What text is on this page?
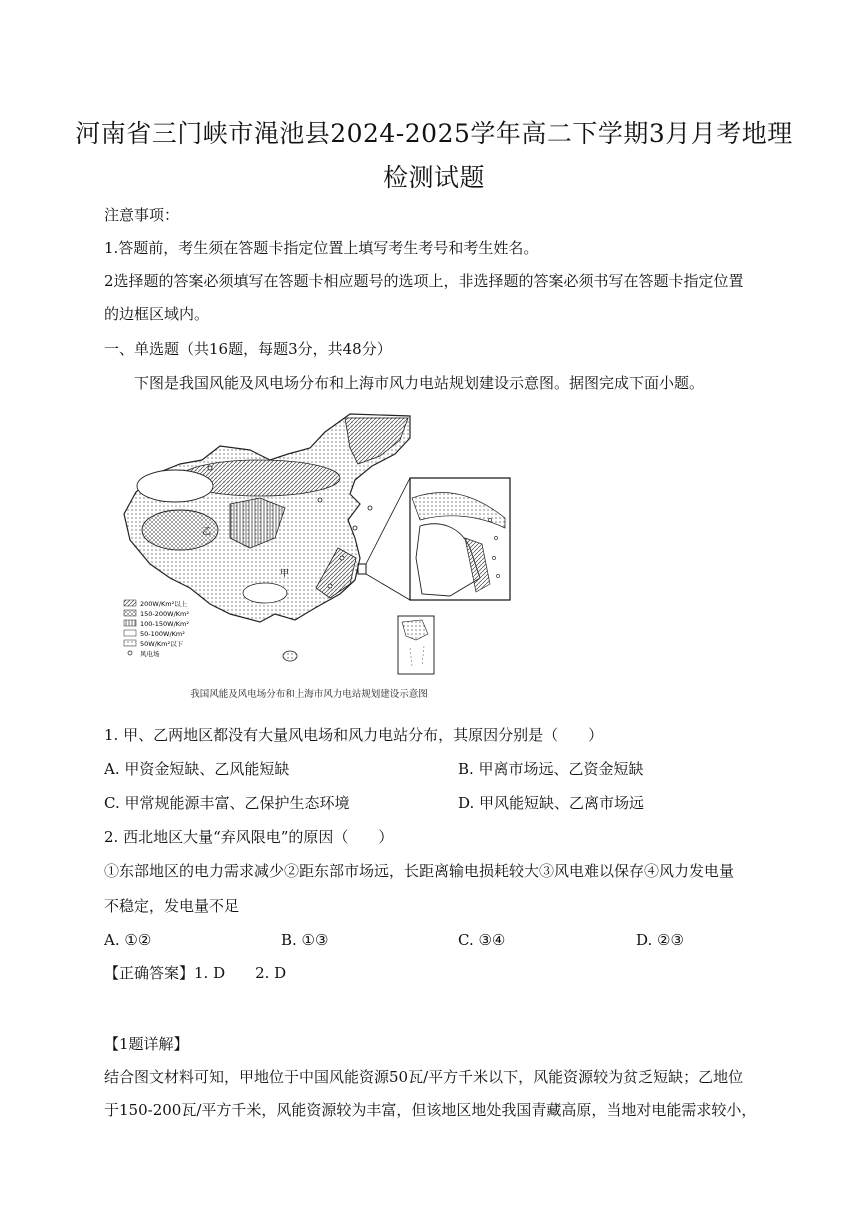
河南省三门峡市渑池县2024-2025学年高二下学期3月月考地理
检测试题
注意事项：
1.答题前，考生须在答题卡指定位置上填写考生考号和考生姓名。
2选择题的答案必须填写在答题卡相应题号的选项上，非选择题的答案必须书写在答题卡指定位置
的边框区域内。
一、单选题（共16题，每题3分，共48分）
下图是我国风能及风电场分布和上海市风力电站规划建设示意图。据图完成下面小题。
甲
乙
200W/Km²以上
150-200W/Km²
100-150W/Km²
50-100W/Km²
50W/Km²以下
风电场
我国风能及风电场分布和上海市风力电站规划建设示意图
1. 甲、乙两地区都没有大量风电场和风力电站分布，其原因分别是（　　）
A. 甲资金短缺、乙风能短缺	B. 甲离市场远、乙资金短缺
C. 甲常规能源丰富、乙保护生态环境	D. 甲风能短缺、乙离市场远
2. 西北地区大量“弃风限电”的原因（　　）
①东部地区的电力需求减少②距东部市场远，长距离输电损耗较大③风电难以保存④风力发电量
不稳定，发电量不足
A. ①②	B. ①③	C. ③④	D. ②③
【正确答案】1. D　　2. D
【1题详解】
结合图文材料可知，甲地位于中国风能资源50瓦/平方千米以下，风能资源较为贫乏短缺；乙地位
于150-200瓦/平方千米，风能资源较为丰富，但该地区地处我国青藏高原，当地对电能需求较小，
